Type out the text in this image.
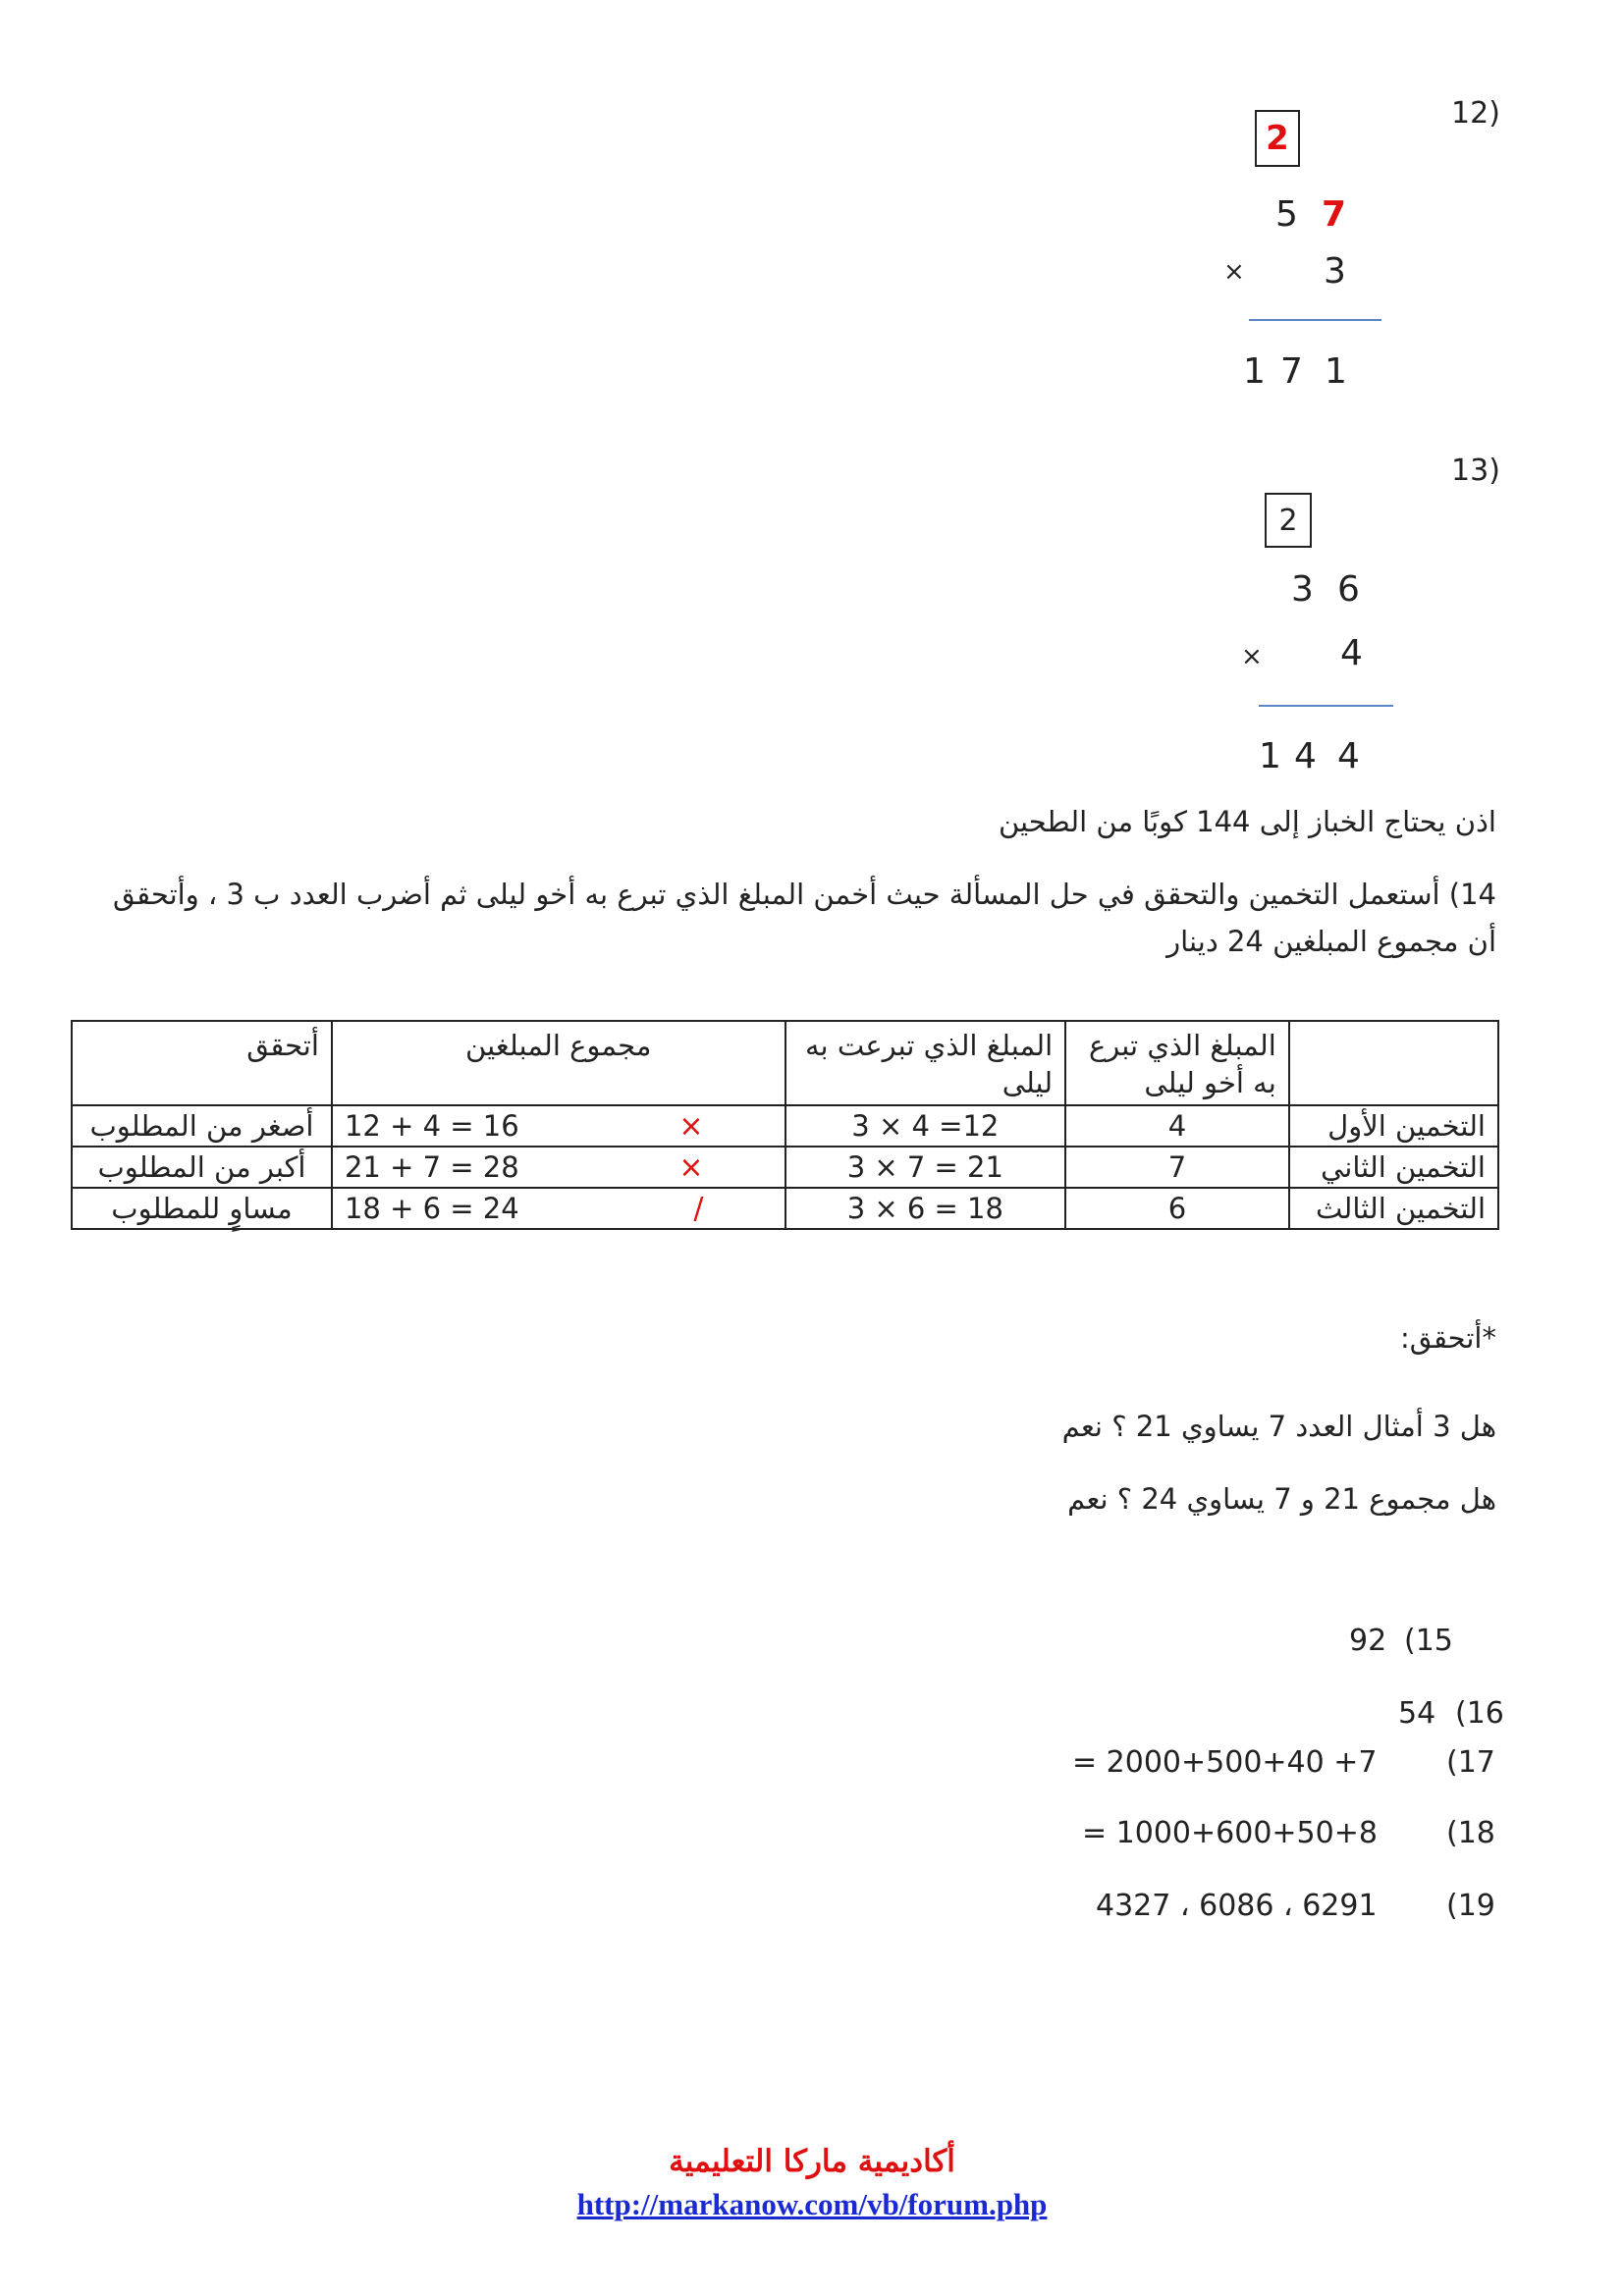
(12
2
5 7
× 3
1 7 1
(13
2
3 6
× 4
1 4 4
اذن يحتاج الخباز إلى 144 كوبًا من الطحين
14) أستعمل التخمين والتحقق في حل المسألة حيث أخمن المبلغ الذي تبرع به أخو ليلى ثم أضرب العدد ب 3 ، وأتحقق
أن مجموع المبلغين 24 دينار
	المبلغ الذي تبرع به أخو ليلى	المبلغ الذي تبرعت به ليلى	مجموع المبلغين	أتحقق
التخمين الأول	4	3 × 4 =12	12 + 4 = 16 ×	أصغر من المطلوب
التخمين الثاني	7	3 × 7 = 21	21 + 7 = 28 ×	أكبر من المطلوب
التخمين الثالث	6	3 × 6 = 18	18 + 6 = 24 /	مساوٍ للمطلوب
*أتحقق:
هل 3 أمثال العدد 7 يساوي 21 ؟ نعم
هل مجموع 21 و 7 يساوي 24 ؟ نعم
(15
92
(16
54
(17
= 2000+500+40 +7
(18
= 1000+600+50+8
(19
4327 ، 6086 ، 6291
أكاديمية ماركا التعليمية
http://markanow.com/vb/forum.php
